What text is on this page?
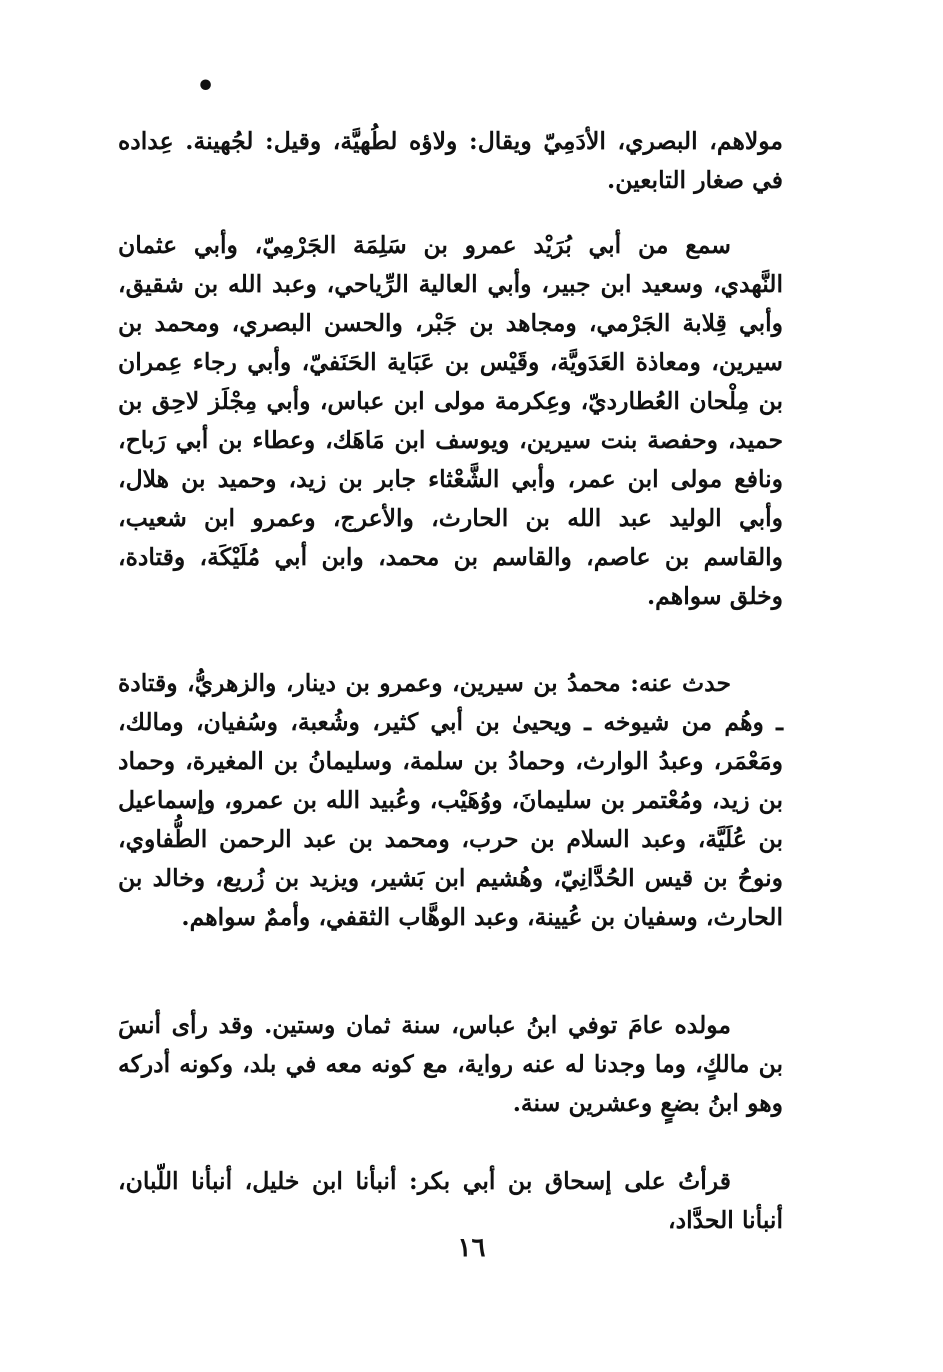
•

مولاهم، البصري، الأدَمِيّ ويقال: ولاؤه لطُهيَّة، وقيل: لجُهينة. عِداده في صغار التابعين.

سمع من أبي بُرَيْد عمرو بن سَلِمَة الجَرْمِيّ، وأبي عثمان النَّهدي، وسعيد ابن جبير، وأبي العالية الرِّياحي، وعبد الله بن شقيق، وأبي قِلابة الجَرْمي، ومجاهد بن جَبْر، والحسن البصري، ومحمد بن سيرين، ومعاذة العَدَويَّة، وقَيْس بن عَبَاية الحَنَفيّ، وأبي رجاء عِمران بن مِلْحان العُطارديّ، وعِكرمة مولى ابن عباس، وأبي مِجْلَز لاحِق بن حميد، وحفصة بنت سيرين، ويوسف ابن مَاهَك، وعطاء بن أبي رَباح، ونافع مولى ابن عمر، وأبي الشَّعْثاء جابر بن زيد، وحميد بن هلال، وأبي الوليد عبد الله بن الحارث، والأعرج، وعمرو ابن شعيب، والقاسم بن عاصم، والقاسم بن محمد، وابن أبي مُلَيْكَة، وقتادة، وخلق سواهم.

حدث عنه: محمدُ بن سيرين، وعمرو بن دينار، والزهريُّ، وقتادة ـ وهُم من شيوخه ـ ويحيىٰ بن أبي كثير، وشُعبة، وسُفيان، ومالك، ومَعْمَر، وعبدُ الوارث، وحمادُ بن سلمة، وسليمانُ بن المغيرة، وحماد بن زيد، ومُعْتمر بن سليمانَ، ووُهَيْب، وعُبيد الله بن عمرو، وإسماعيل بن عُلَيَّة، وعبد السلام بن حرب، ومحمد بن عبد الرحمن الطُّفاوي، ونوحُ بن قيس الحُدَّانِيّ، وهُشيم ابن بَشير، ويزيد بن زُريع، وخالد بن الحارث، وسفيان بن عُيينة، وعبد الوهَّاب الثقفي، وأممٌ سواهم.

مولده عامَ توفي ابنُ عباس، سنة ثمان وستين. وقد رأى أنسَ بن مالكٍ، وما وجدنا له عنه رواية، مع كونه معه في بلد، وكونه أدركه وهو ابنُ بضعٍ وعشرين سنة.

قرأتُ على إسحاق بن أبي بكر: أنبأنا ابن خليل، أنبأنا اللّبان، أنبأنا الحدَّاد،

١٦
